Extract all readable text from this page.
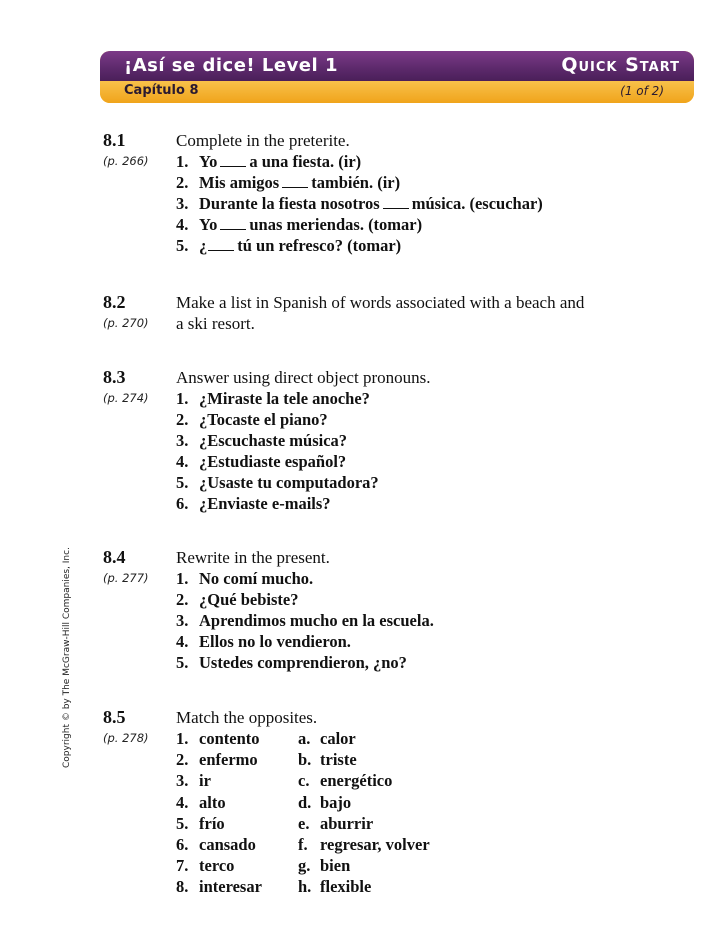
¡Así se dice! Level 1	Quick Start
Capítulo 8	(1 of 2)
Copyright © by The McGraw-Hill Companies, Inc.
8.1
(p. 266)
Complete in the preterite.
1. Yo a una fiesta. (ir)
2. Mis amigos también. (ir)
3. Durante la fiesta nosotros música. (escuchar)
4. Yo unas meriendas. (tomar)
5. ¿ tú un refresco? (tomar)
8.2
(p. 270)
Make a list in Spanish of words associated with a beach and
a ski resort.
8.3
(p. 274)
Answer using direct object pronouns.
1. ¿Miraste la tele anoche?
2. ¿Tocaste el piano?
3. ¿Escuchaste música?
4. ¿Estudiaste español?
5. ¿Usaste tu computadora?
6. ¿Enviaste e-mails?
8.4
(p. 277)
Rewrite in the present.
1. No comí mucho.
2. ¿Qué bebiste?
3. Aprendimos mucho en la escuela.
4. Ellos no lo vendieron.
5. Ustedes comprendieron, ¿no?
8.5
(p. 278)
Match the opposites.
1. contento a. calor
2. enfermo b. triste
3. ir	c. energético
4. alto	d. bajo
5. frío	e. aburrir
6. cansado	f. regresar, volver
7. terco	g. bien
8. interesar h. flexible
